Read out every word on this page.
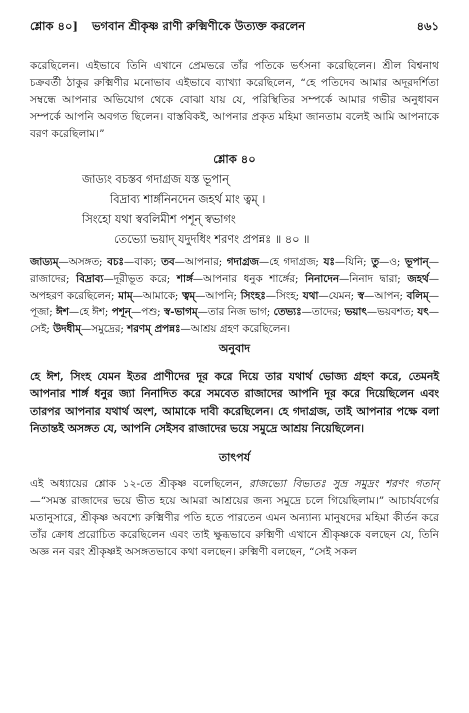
শ্লোক ৪০] ভগবান শ্রীকৃষ্ণ রাণী রুক্মিণীকে উত্যক্ত করলেন	৪৬১

করেছিলেন। এইভাবে তিনি এখানে প্রেমভরে তাঁর পতিকে ভর্ৎসনা করেছিলেন। শ্রীল বিশ্বনাথ চক্রবর্তী ঠাকুর রুক্মিণীর মনোভাব এইভাবে ব্যাখ্যা করেছিলেন, “হে পতিদেব আমার অদূরদর্শিতা সম্বন্ধে আপনার অভিযোগ থেকে বোঝা যায় যে, পরিস্থিতির সম্পর্কে আমার গভীর অনুধাবন সম্পর্কে আপনি অবগত ছিলেন। বাস্তবিকই, আপনার প্রকৃত মহিমা জানতাম বলেই আমি আপনাকে বরণ করেছিলাম।”

শ্লোক ৪০
জাড্যং বচস্তব গদাগ্রজ যস্ত ভূপান্
বিদ্রাব্য শার্ঙ্গনিনদেন জহর্থ মাং ত্বম্ ।
সিংহো যথা স্ববলিমীশ পশূন্ স্বভাগং
তেভ্যো ভয়াদ্ যদুদধিং শরণং প্রপন্নঃ ॥ ৪০ ॥
জাড্যম্—অসঙ্গত; বচঃ—বাক্য; তব—আপনার; গদাগ্রজ—হে গদাগ্রজ; যঃ—যিনি; তু—ও; ভূপান্—রাজাদের; বিদ্রাব্য—দূরীভূত করে; শার্ঙ্গ—আপনার ধনুক শার্ঙ্গের; নিনাদেন—নিনাদ দ্বারা; জহর্থ—অপহরণ করেছিলেন; মাম্—আমাকে; ত্বম্—আপনি; সিংহঃ—সিংহ; যথা—যেমন; স্ব—আপন; বলিম্—পূজা; ঈশ—হে ঈশ; পশূন্—পশু; স্ব-ভাগম্—তার নিজ ভাগ; তেভ্যঃ—তাদের; ভয়াৎ—ভয়বশত; যৎ—সেই; উদধীম্—সমুদ্রের; শরণম্ প্রপন্নঃ—আশ্রয় গ্রহণ করেছিলেন।
অনুবাদ

হে ঈশ, সিংহ যেমন ইতর প্রাণীদের দূর করে দিয়ে তার যথার্থ ভোজ্য গ্রহণ করে, তেমনই আপনার শার্ঙ্গ ধনুর জ্যা নিনাদিত করে সমবেত রাজাদের আপনি দূর করে দিয়েছিলেন এবং তারপর আপনার যথার্থ অংশ, আমাকে দাবী করেছিলেন। হে গদাগ্রজ, তাই আপনার পক্ষে বলা নিতান্তই অসঙ্গত যে, আপনি সেইসব রাজাদের ভয়ে সমুদ্রে আশ্রয় নিয়েছিলেন।

তাৎপর্য

এই অধ্যায়ের শ্লোক ১২-তে শ্রীকৃষ্ণ বলেছিলেন, রাজভ্যো বিভ্যতঃ সুভ্র সমুদ্রং শরণং গতান্—“সমস্ত রাজাদের ভয়ে ভীত হয়ে আমরা আশ্রয়ের জন্য সমুদ্রে চলে গিয়েছিলাম।” আচার্যবর্গের মতানুসারে, শ্রীকৃষ্ণ অবশ্যে রুক্মিণীর পতি হতে পারতেন এমন অন্যান্য মানুষদের মহিমা কীর্তন করে তাঁর ক্রোধ প্ররোচিত করেছিলেন এবং তাই ক্ষুব্ধভাবে রুক্মিণী এখানে শ্রীকৃষ্ণকে বলছেন যে, তিনি অজ্ঞ নন বরং শ্রীকৃষ্ণই অসঙ্গতভাবে কথা বলছেন। রুক্মিণী বলছেন, “সেই সকল
